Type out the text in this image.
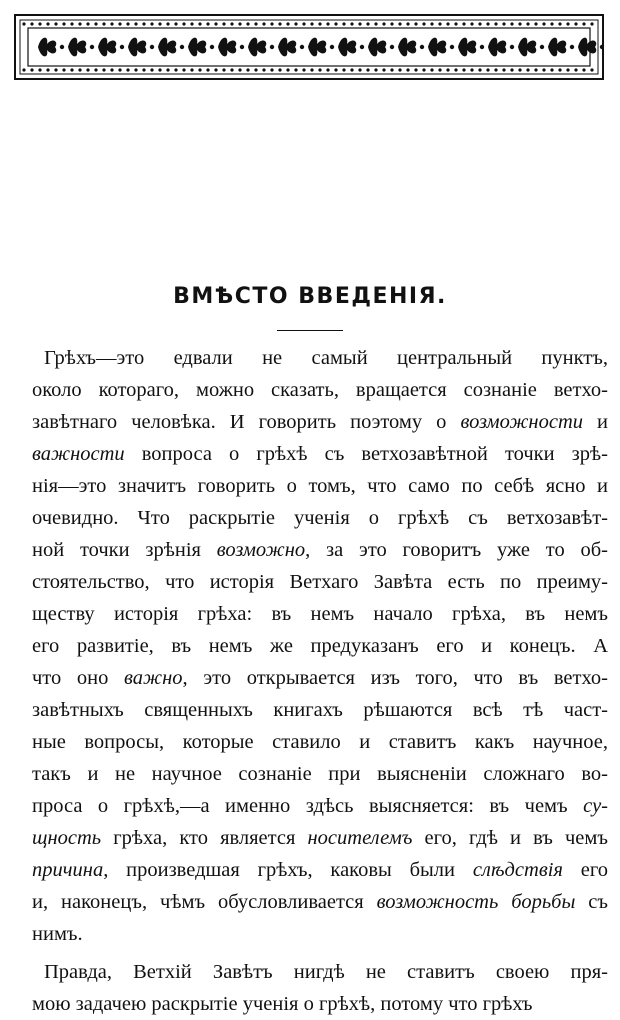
ВМѢСТО ВВЕДЕНІЯ.
Грѣхъ—это едвали не самый центральный пунктъ,
около котораго, можно сказать, вращается сознаніе ветхо-
завѣтнаго человѣка. И говорить поэтому о возможности и
важности вопроса о грѣхѣ съ ветхозавѣтной точки зрѣ-
нія—это значитъ говорить о томъ, что само по себѣ ясно и
очевидно. Что раскрытіе ученія о грѣхѣ съ ветхозавѣт-
ной точки зрѣнія возможно, за это говоритъ уже то об-
стоятельство, что исторія Ветхаго Завѣта есть по преиму-
ществу исторія грѣха: въ немъ начало грѣха, въ немъ
его развитіе, въ немъ же предуказанъ его и конецъ. А
что оно важно, это открывается изъ того, что въ ветхо-
завѣтныхъ священныхъ книгахъ рѣшаются всѣ тѣ част-
ные вопросы, которые ставило и ставитъ какъ научное,
такъ и не научное сознаніе при выясненіи сложнаго во-
проса о грѣхѣ,—а именно здѣсь выясняется: въ чемъ су-
щность грѣха, кто является носителемъ его, гдѣ и въ чемъ
причина, произведшая грѣхъ, каковы были слѣдствія его
и, наконецъ, чѣмъ обусловливается возможность борьбы съ
нимъ.
Правда, Ветхій Завѣтъ нигдѣ не ставитъ своею пря-
мою задачею раскрытіе ученія о грѣхѣ, потому что грѣхъ
